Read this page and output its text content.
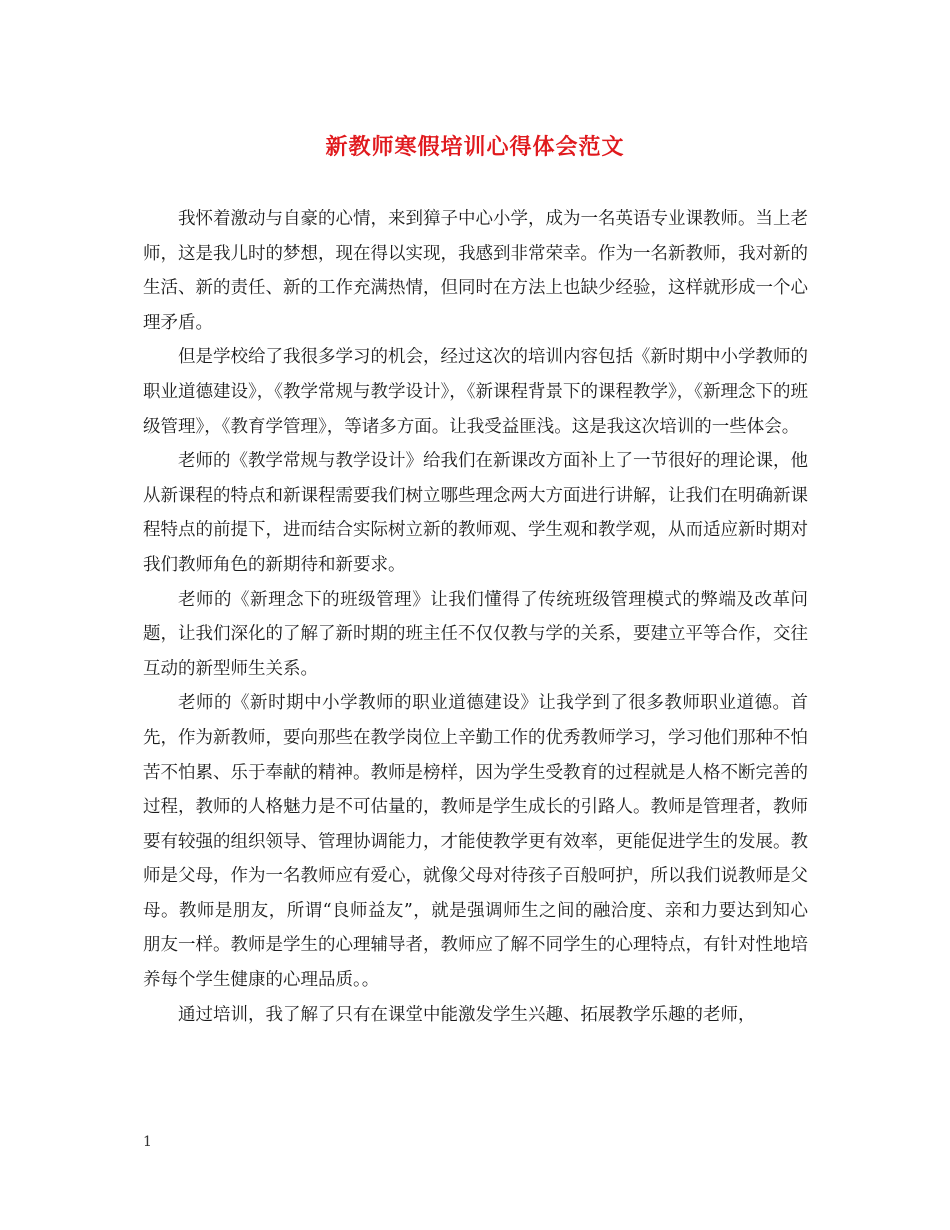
新教师寒假培训心得体会范文

我怀着激动与自豪的心情，来到獐子中心小学，成为一名英语专业课教师。当上老师，这是我儿时的梦想，现在得以实现，我感到非常荣幸。作为一名新教师，我对新的生活、新的责任、新的工作充满热情，但同时在方法上也缺少经验，这样就形成一个心理矛盾。

但是学校给了我很多学习的机会，经过这次的培训内容包括《新时期中小学教师的职业道德建设》，《教学常规与教学设计》，《新课程背景下的课程教学》，《新理念下的班级管理》，《教育学管理》，等诸多方面。让我受益匪浅。这是我这次培训的一些体会。

老师的《教学常规与教学设计》给我们在新课改方面补上了一节很好的理论课，他从新课程的特点和新课程需要我们树立哪些理念两大方面进行讲解，让我们在明确新课程特点的前提下，进而结合实际树立新的教师观、学生观和教学观，从而适应新时期对我们教师角色的新期待和新要求。

老师的《新理念下的班级管理》让我们懂得了传统班级管理模式的弊端及改革问题，让我们深化的了解了新时期的班主任不仅仅教与学的关系，要建立平等合作，交往互动的新型师生关系。

老师的《新时期中小学教师的职业道德建设》让我学到了很多教师职业道德。首先，作为新教师，要向那些在教学岗位上辛勤工作的优秀教师学习，学习他们那种不怕苦不怕累、乐于奉献的精神。教师是榜样，因为学生受教育的过程就是人格不断完善的过程，教师的人格魅力是不可估量的，教师是学生成长的引路人。教师是管理者，教师要有较强的组织领导、管理协调能力，才能使教学更有效率，更能促进学生的发展。教师是父母，作为一名教师应有爱心，就像父母对待孩子百般呵护，所以我们说教师是父母。教师是朋友，所谓“良师益友”，就是强调师生之间的融洽度、亲和力要达到知心朋友一样。教师是学生的心理辅导者，教师应了解不同学生的心理特点，有针对性地培养每个学生健康的心理品质。。

通过培训，我了解了只有在课堂中能激发学生兴趣、拓展教学乐趣的老师，

1
